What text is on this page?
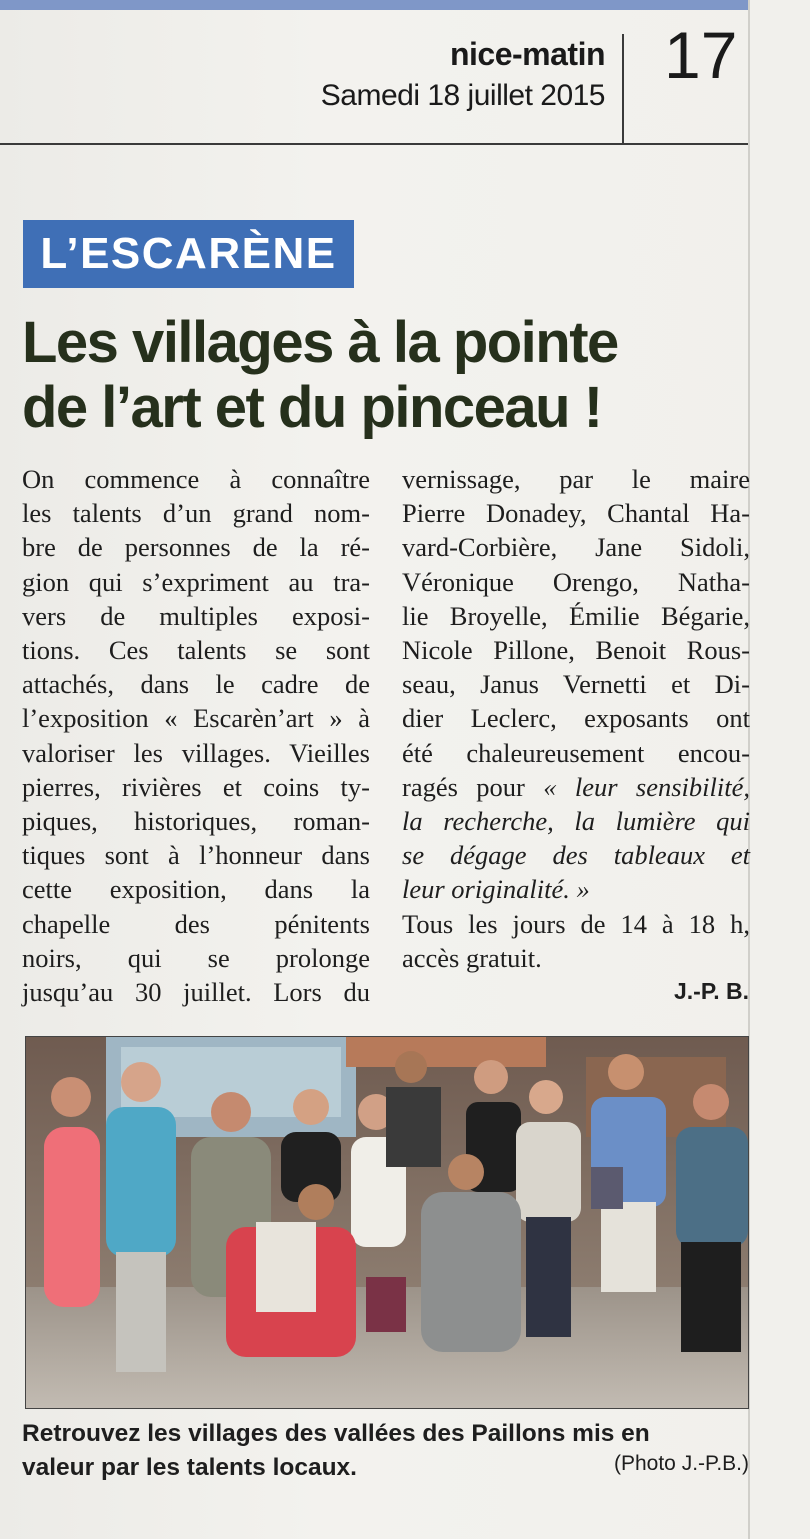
nice-matin
Samedi 18 juillet 2015
17
L’ESCARÈNE
Les villages à la pointe
de l’art et du pinceau !

On commence à connaître
les talents d’un grand nom-
bre de personnes de la ré-
gion qui s’expriment au tra-
vers de multiples exposi-
tions. Ces talents se sont
attachés, dans le cadre de
l’exposition « Escarèn’art » à
valoriser les villages. Vieilles
pierres, rivières et coins ty-
piques, historiques, roman-
tiques sont à l’honneur dans
cette exposition, dans la
chapelle des pénitents
noirs, qui se prolonge
jusqu’au 30 juillet. Lors du

vernissage, par le maire
Pierre Donadey, Chantal Ha-
vard-Corbière, Jane Sidoli,
Véronique Orengo, Natha-
lie Broyelle, Émilie Bégarie,
Nicole Pillone, Benoit Rous-
seau, Janus Vernetti et Di-
dier Leclerc, exposants ont
été chaleureusement encou-
ragés pour « leur sensibilité,
la recherche, la lumière qui
se dégage des tableaux et
leur originalité. »
Tous les jours de 14 à 18 h,
accès gratuit.

J.-P. B.
Retrouvez les villages des vallées des Paillons mis en
valeur par les talents locaux.	(Photo J.-P.B.)
